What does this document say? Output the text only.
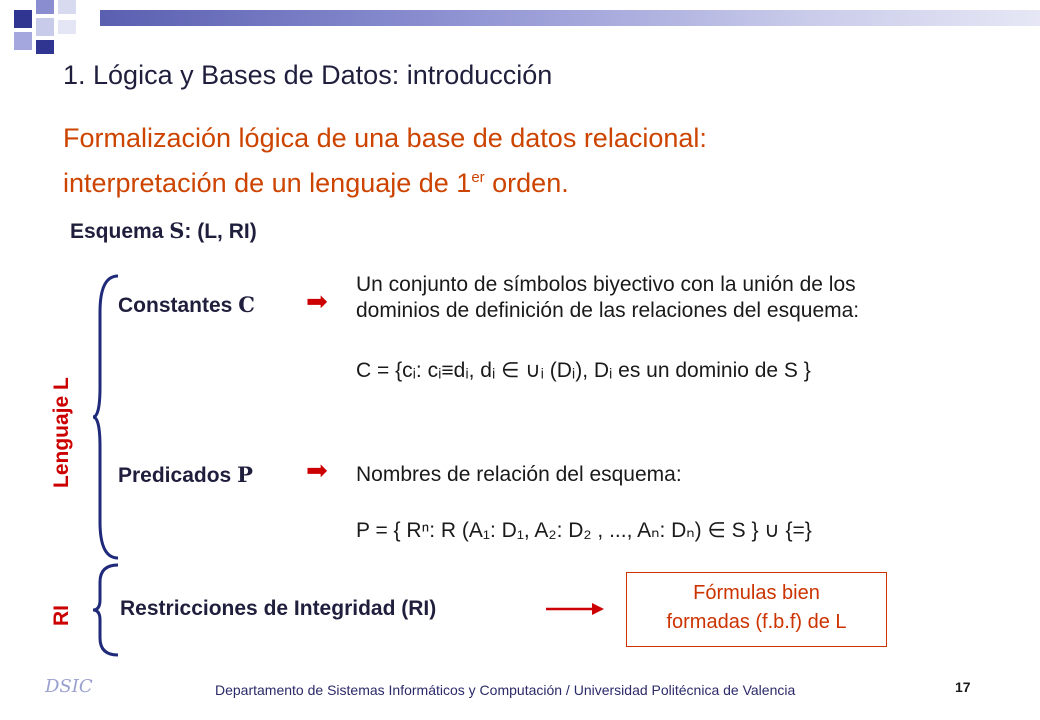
1. Lógica y Bases de Datos: introducción
Formalización lógica de una base de datos relacional:
interpretación de un lenguaje de 1er orden.
Esquema S: (L, RI)
Lenguaje L
Constantes C ➡
Un conjunto de símbolos biyectivo con la unión de los
dominios de definición de las relaciones del esquema:
C = {cᵢ: cᵢ≡dᵢ, dᵢ ∈ ∪ᵢ (Dᵢ), Dᵢ es un dominio de S }
Predicados P ➡ Nombres de relación del esquema:
P = { Rⁿ: R (A₁: D₁, A₂: D₂ , ..., Aₙ: Dₙ) ∈ S } ∪ {=}
RI Restricciones de Integridad (RI)
Fórmulas bien
formadas (f.b.f) de L
DSIC	Departamento de Sistemas Informáticos y Computación / Universidad Politécnica de Valencia	17
